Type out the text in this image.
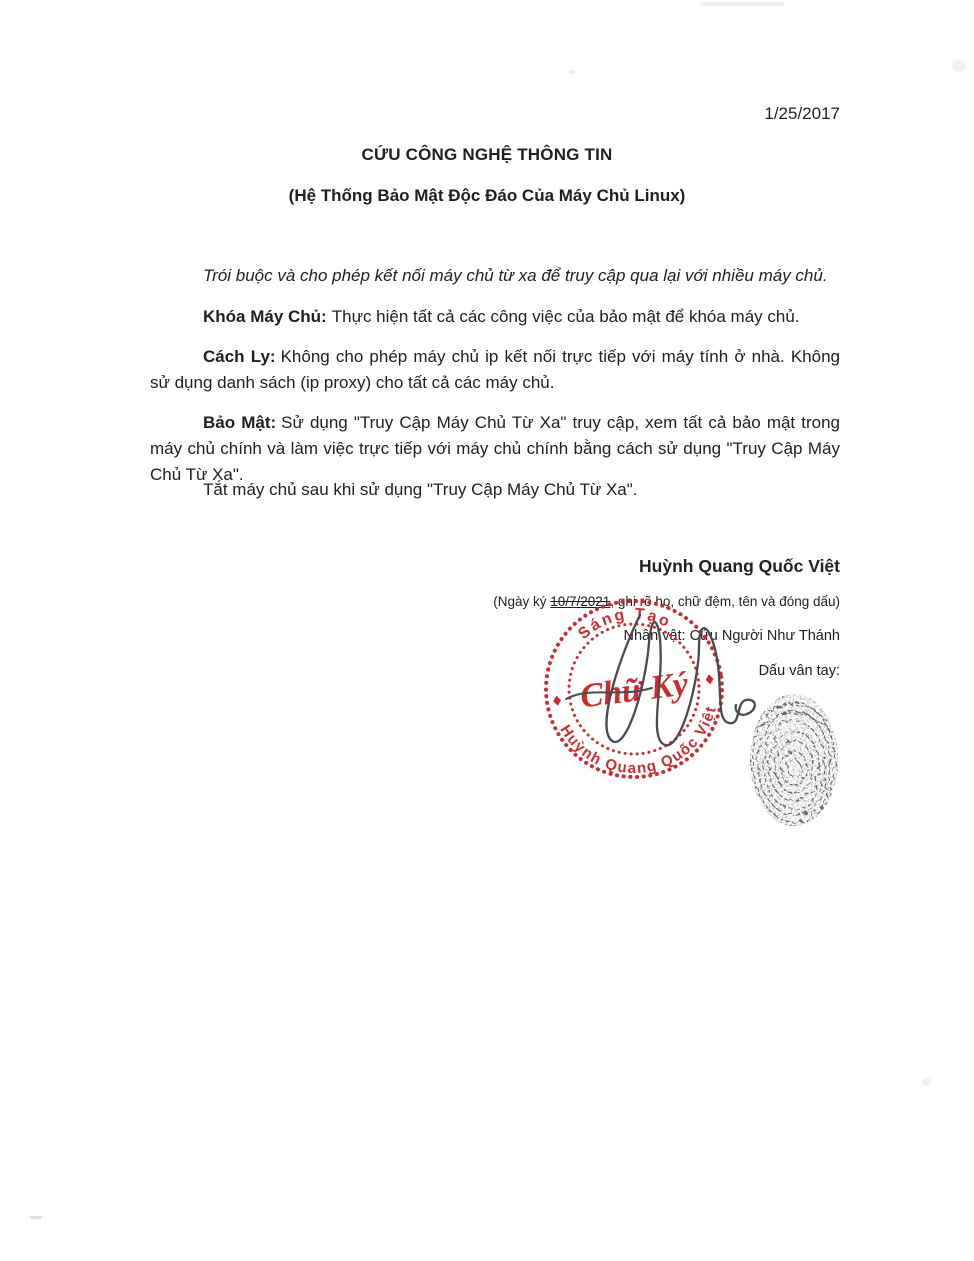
1/25/2017
CỨU CÔNG NGHỆ THÔNG TIN
(Hệ Thống Bảo Mật Độc Đáo Của Máy Chủ Linux)
Trói buộc và cho phép kết nối máy chủ từ xa để truy cập qua lại với nhiều máy chủ.
Khóa Máy Chủ: Thực hiện tất cả các công việc của bảo mật để khóa máy chủ.
Cách Ly: Không cho phép máy chủ ip kết nối trực tiếp với máy tính ở nhà. Không sử dụng danh sách (ip proxy) cho tất cả các máy chủ.
Bảo Mật: Sử dụng "Truy Cập Máy Chủ Từ Xa" truy cập, xem tất cả bảo mật trong máy chủ chính và làm việc trực tiếp với máy chủ chính bằng cách sử dụng "Truy Cập Máy Chủ Từ Xa".
Tắt máy chủ sau khi sử dụng "Truy Cập Máy Chủ Từ Xa".
Huỳnh Quang Quốc Việt
(Ngày ký 10/7/2021, ghi rõ họ, chữ đệm, tên và đóng dấu)
Nhân vật: Cứu Người Như Thánh
Dấu vân tay:
Sáng Tạo
Huỳnh Quang Quốc Việt
Chữ Ký
♦
♦
